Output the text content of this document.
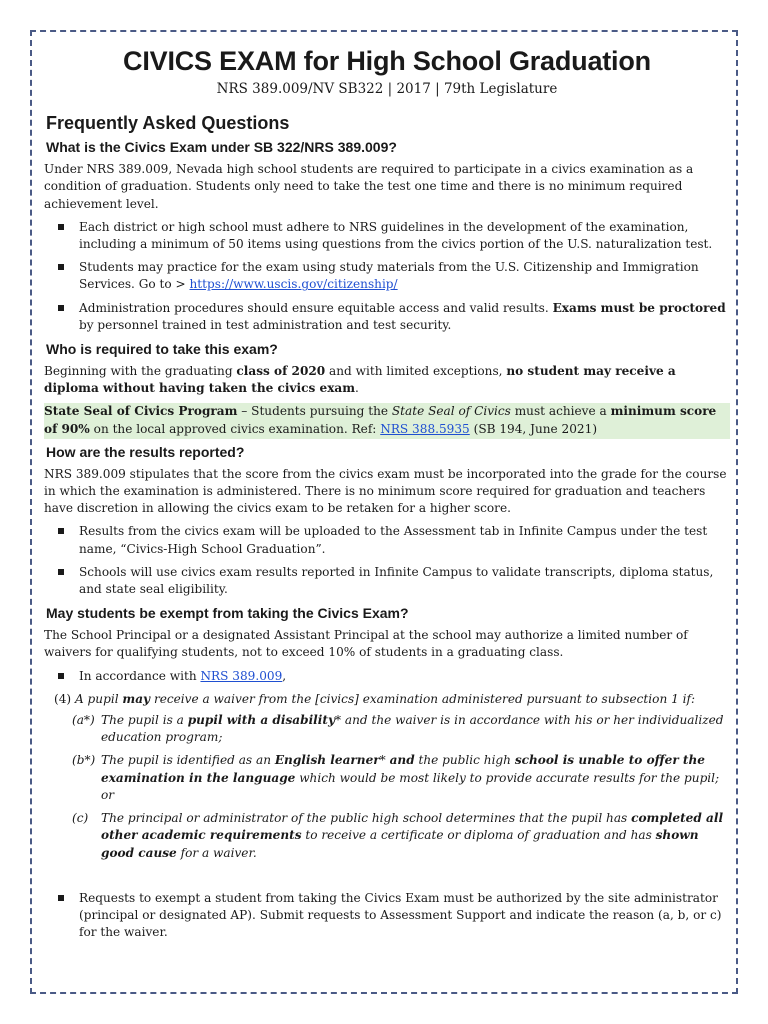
CIVICS EXAM for High School Graduation
NRS 389.009/NV SB322 | 2017 | 79th Legislature
Frequently Asked Questions
What is the Civics Exam under SB 322/NRS 389.009?

Under NRS 389.009, Nevada high school students are required to participate in a civics examination as a condition of graduation. Students only need to take the test one time and there is no minimum required achievement level.

Each district or high school must adhere to NRS guidelines in the development of the examination, including a minimum of 50 items using questions from the civics portion of the U.S. naturalization test.
Students may practice for the exam using study materials from the U.S. Citizenship and Immigration Services. Go to > https://www.uscis.gov/citizenship/
Administration procedures should ensure equitable access and valid results. Exams must be proctored by personnel trained in test administration and test security.
Who is required to take this exam?

Beginning with the graduating class of 2020 and with limited exceptions, no student may receive a diploma without having taken the civics exam.

State Seal of Civics Program – Students pursuing the State Seal of Civics must achieve a minimum score of 90% on the local approved civics examination. Ref: NRS 388.5935 (SB 194, June 2021)

How are the results reported?

NRS 389.009 stipulates that the score from the civics exam must be incorporated into the grade for the course in which the examination is administered. There is no minimum score required for graduation and teachers have discretion in allowing the civics exam to be retaken for a higher score.

Results from the civics exam will be uploaded to the Assessment tab in Infinite Campus under the test name, “Civics-High School Graduation”.
Schools will use civics exam results reported in Infinite Campus to validate transcripts, diploma status, and state seal eligibility.
May students be exempt from taking the Civics Exam?

The School Principal or a designated Assistant Principal at the school may authorize a limited number of waivers for qualifying students, not to exceed 10% of students in a graduating class.

In accordance with NRS 389.009,
(4) A pupil may receive a waiver from the [civics] examination administered pursuant to subsection 1 if:
(a*) The pupil is a pupil with a disability* and the waiver is in accordance with his or her individualized education program;
(b*) The pupil is identified as an English learner* and the public high school is unable to offer the examination in the language which would be most likely to provide accurate results for the pupil; or
(c)	The principal or administrator of the public high school determines that the pupil has completed all other academic requirements to receive a certificate or diploma of graduation and has shown good cause for a waiver.
Requests to exempt a student from taking the Civics Exam must be authorized by the site administrator (principal or designated AP). Submit requests to Assessment Support and indicate the reason (a, b, or c) for the waiver.
